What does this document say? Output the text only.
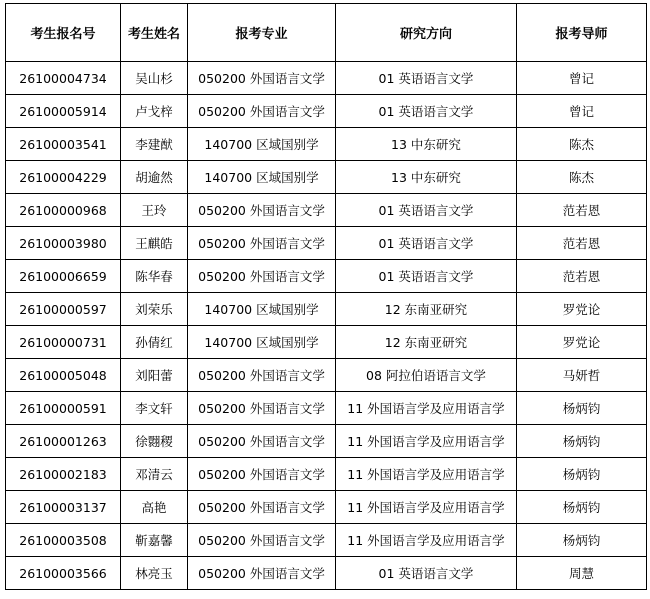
考生报名号	考生姓名	报考专业	研究方向	报考导师
26100004734	吴山杉	050200 外国语言文学	01 英语语言文学	曾记
26100005914	卢戈梓	050200 外国语言文学	01 英语语言文学	曾记
26100003541	李建猷	140700 区域国别学	13 中东研究	陈杰
26100004229	胡逾然	140700 区域国别学	13 中东研究	陈杰
26100000968	王玲	050200 外国语言文学	01 英语语言文学	范若恩
26100003980	王麒皓	050200 外国语言文学	01 英语语言文学	范若恩
26100006659	陈华春	050200 外国语言文学	01 英语语言文学	范若恩
26100000597	刘荣乐	140700 区域国别学	12 东南亚研究	罗党论
26100000731	孙倩红	140700 区域国别学	12 东南亚研究	罗党论
26100005048	刘阳蕾	050200 外国语言文学	08 阿拉伯语语言文学	马妍哲
26100000591	李文轩	050200 外国语言文学	11 外国语言学及应用语言学	杨炳钧
26100001263	徐翾稷	050200 外国语言文学	11 外国语言学及应用语言学	杨炳钧
26100002183	邓清云	050200 外国语言文学	11 外国语言学及应用语言学	杨炳钧
26100003137	高艳	050200 外国语言文学	11 外国语言学及应用语言学	杨炳钧
26100003508	靳嘉馨	050200 外国语言文学	11 外国语言学及应用语言学	杨炳钧
26100003566	林亮玉	050200 外国语言文学	01 英语语言文学	周慧
